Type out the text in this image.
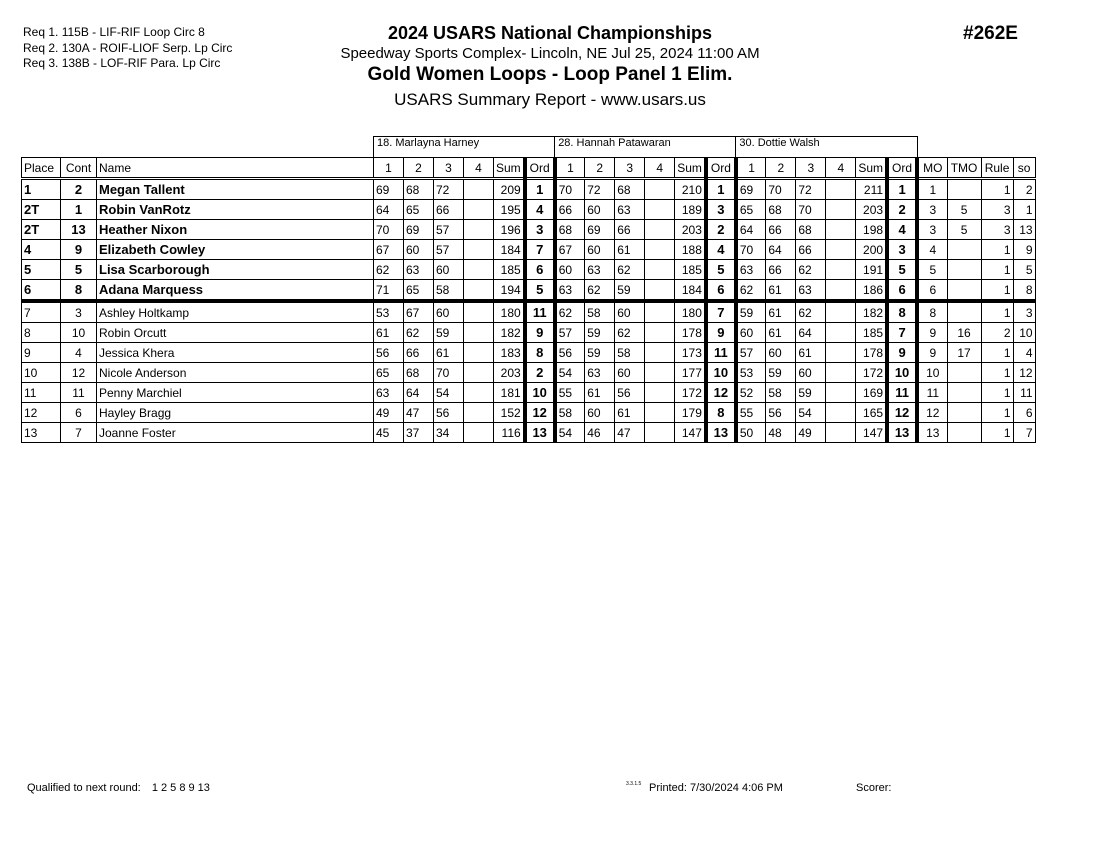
Req 1. 115B - LIF-RIF Loop Circ 8
Req 2. 130A - ROIF-LIOF Serp. Lp Circ
Req 3. 138B - LOF-RIF Para. Lp Circ
2024 USARS National Championships
Speedway Sports Complex- Lincoln, NE Jul 25, 2024 11:00 AM
Gold Women Loops - Loop Panel 1 Elim.
USARS Summary Report - www.usars.us
#262E
			18. Marlayna Harney						28. Hannah Patawaran						30. Dottie Walsh									
Place	Cont	Name	1	2	3	4	Sum	Ord	1	2	3	4	Sum	Ord	1	2	3	4	Sum	Ord	MO	TMO	Rule	so
1	2	Megan Tallent	69	68	72		209	1	70	72	68		210	1	69	70	72		211	1	1		1	2
2T	1	Robin VanRotz	64	65	66		195	4	66	60	63		189	3	65	68	70		203	2	3	5	3	1
2T	13	Heather Nixon	70	69	57		196	3	68	69	66		203	2	64	66	68		198	4	3	5	3	13
4	9	Elizabeth Cowley	67	60	57		184	7	67	60	61		188	4	70	64	66		200	3	4		1	9
5	5	Lisa Scarborough	62	63	60		185	6	60	63	62		185	5	63	66	62		191	5	5		1	5
6	8	Adana Marquess	71	65	58		194	5	63	62	59		184	6	62	61	63		186	6	6		1	8
7	3	Ashley Holtkamp	53	67	60		180	11	62	58	60		180	7	59	61	62		182	8	8		1	3
8	10	Robin Orcutt	61	62	59		182	9	57	59	62		178	9	60	61	64		185	7	9	16	2	10
9	4	Jessica Khera	56	66	61		183	8	56	59	58		173	11	57	60	61		178	9	9	17	1	4
10	12	Nicole Anderson	65	68	70		203	2	54	63	60		177	10	53	59	60		172	10	10		1	12
11	11	Penny Marchiel	63	64	54		181	10	55	61	56		172	12	52	58	59		169	11	11		1	11
12	6	Hayley Bragg	49	47	56		152	12	58	60	61		179	8	55	56	54		165	12	12		1	6
13	7	Joanne Foster	45	37	34		116	13	54	46	47		147	13	50	48	49		147	13	13		1	7
Qualified to next round: 1 2 5 8 9 13	3.3.1.5 Printed: 7/30/2024 4:06 PM	Scorer:
